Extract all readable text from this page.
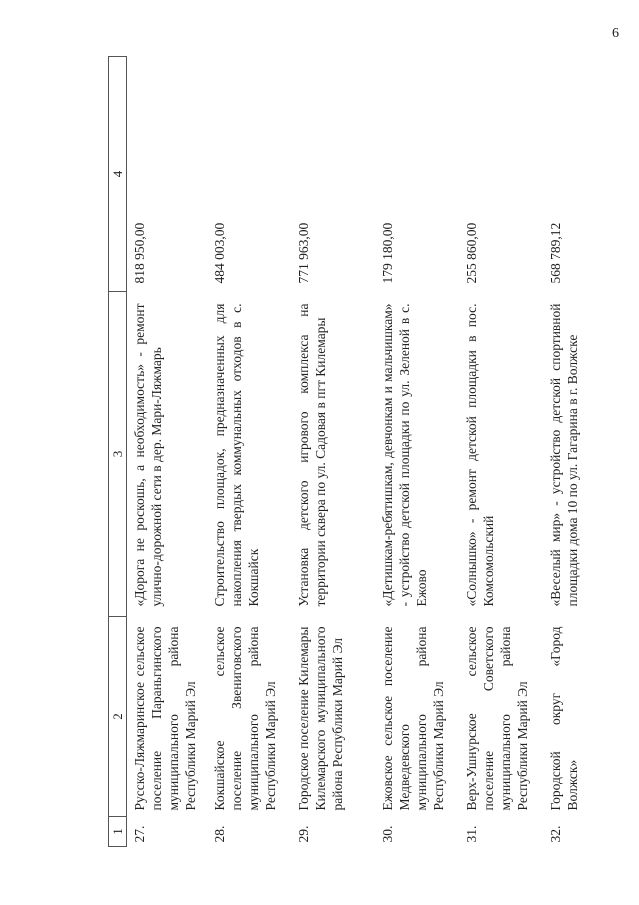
6
1	2	3	4
27.	Русско-Ляжмаринское сельское поселение Параньгинского муниципального района Республики Марий Эл	«Дорога не роскошь, а необходимость» - ремонт улично-дорожной сети в дер. Мари-Ляжмарь	818 950,00
28.	Кокшайское сельское поселение Звениговского муниципального района Республики Марий Эл	Строительство площадок, предназначенных для накопления твердых коммунальных отходов в с. Кокшайск	484 003,00
29.	Городское поселение Килемары Килемарского муниципального района Республики Марий Эл	Установка детского игрового комплекса на территории сквера по ул. Садовая в пгт Килемары	771 963,00
30.	Ежовское сельское поселение Медведевского муниципального района Республики Марий Эл	«Детишкам-ребятишкам, девчонкам и мальчишкам» - устройство детской площадки по ул. Зеленой в с. Ежово	179 180,00
31.	Верх-Ушнурское сельское поселение Советского муниципального района Республики Марий Эл	«Солнышко» - ремонт детской площадки в пос. Комсомольский	255 860,00
32.	Городской округ «Город Волжск»	«Веселый мир» - устройство детской спортивной площадки дома 10 по ул. Гагарина в г. Волжске	568 789,12
